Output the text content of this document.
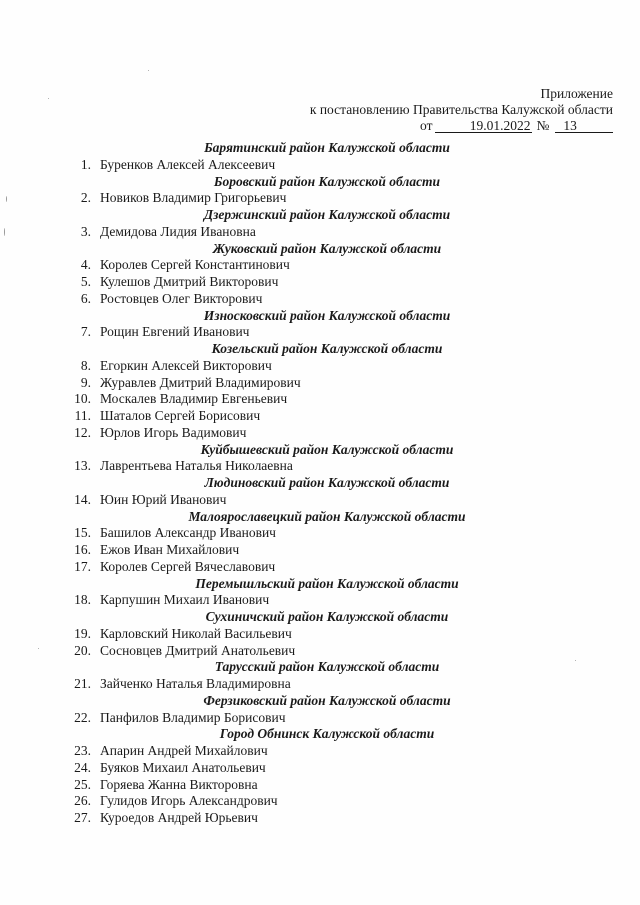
Приложение
к постановлению Правительства Калужской области
от	19.01.2022 № 13
Барятинский район Калужской области
1. Буренков Алексей Алексеевич
Боровский район Калужской области
2. Новиков Владимир Григорьевич
Дзержинский район Калужской области
3. Демидова Лидия Ивановна
Жуковский район Калужской области
4. Королев Сергей Константинович
5. Кулешов Дмитрий Викторович
6. Ростовцев Олег Викторович
Износковский район Калужской области
7. Рощин Евгений Иванович
Козельский район Калужской области
8. Егоркин Алексей Викторович
9. Журавлев Дмитрий Владимирович
10. Москалев Владимир Евгеньевич
11. Шаталов Сергей Борисович
12. Юрлов Игорь Вадимович
Куйбышевский район Калужской области
13. Лаврентьева Наталья Николаевна
Людиновский район Калужской области
14. Юин Юрий Иванович
Малоярославецкий район Калужской области
15. Башилов Александр Иванович
16. Ежов Иван Михайлович
17. Королев Сергей Вячеславович
Перемышльский район Калужской области
18. Карпушин Михаил Иванович
Сухиничский район Калужской области
19. Карловский Николай Васильевич
20. Сосновцев Дмитрий Анатольевич
Тарусский район Калужской области
21. Зайченко Наталья Владимировна
Ферзиковский район Калужской области
22. Панфилов Владимир Борисович
Город Обнинск Калужской области
23. Апарин Андрей Михайлович
24. Буяков Михаил Анатольевич
25. Горяева Жанна Викторовна
26. Гулидов Игорь Александрович
27. Куроедов Андрей Юрьевич
